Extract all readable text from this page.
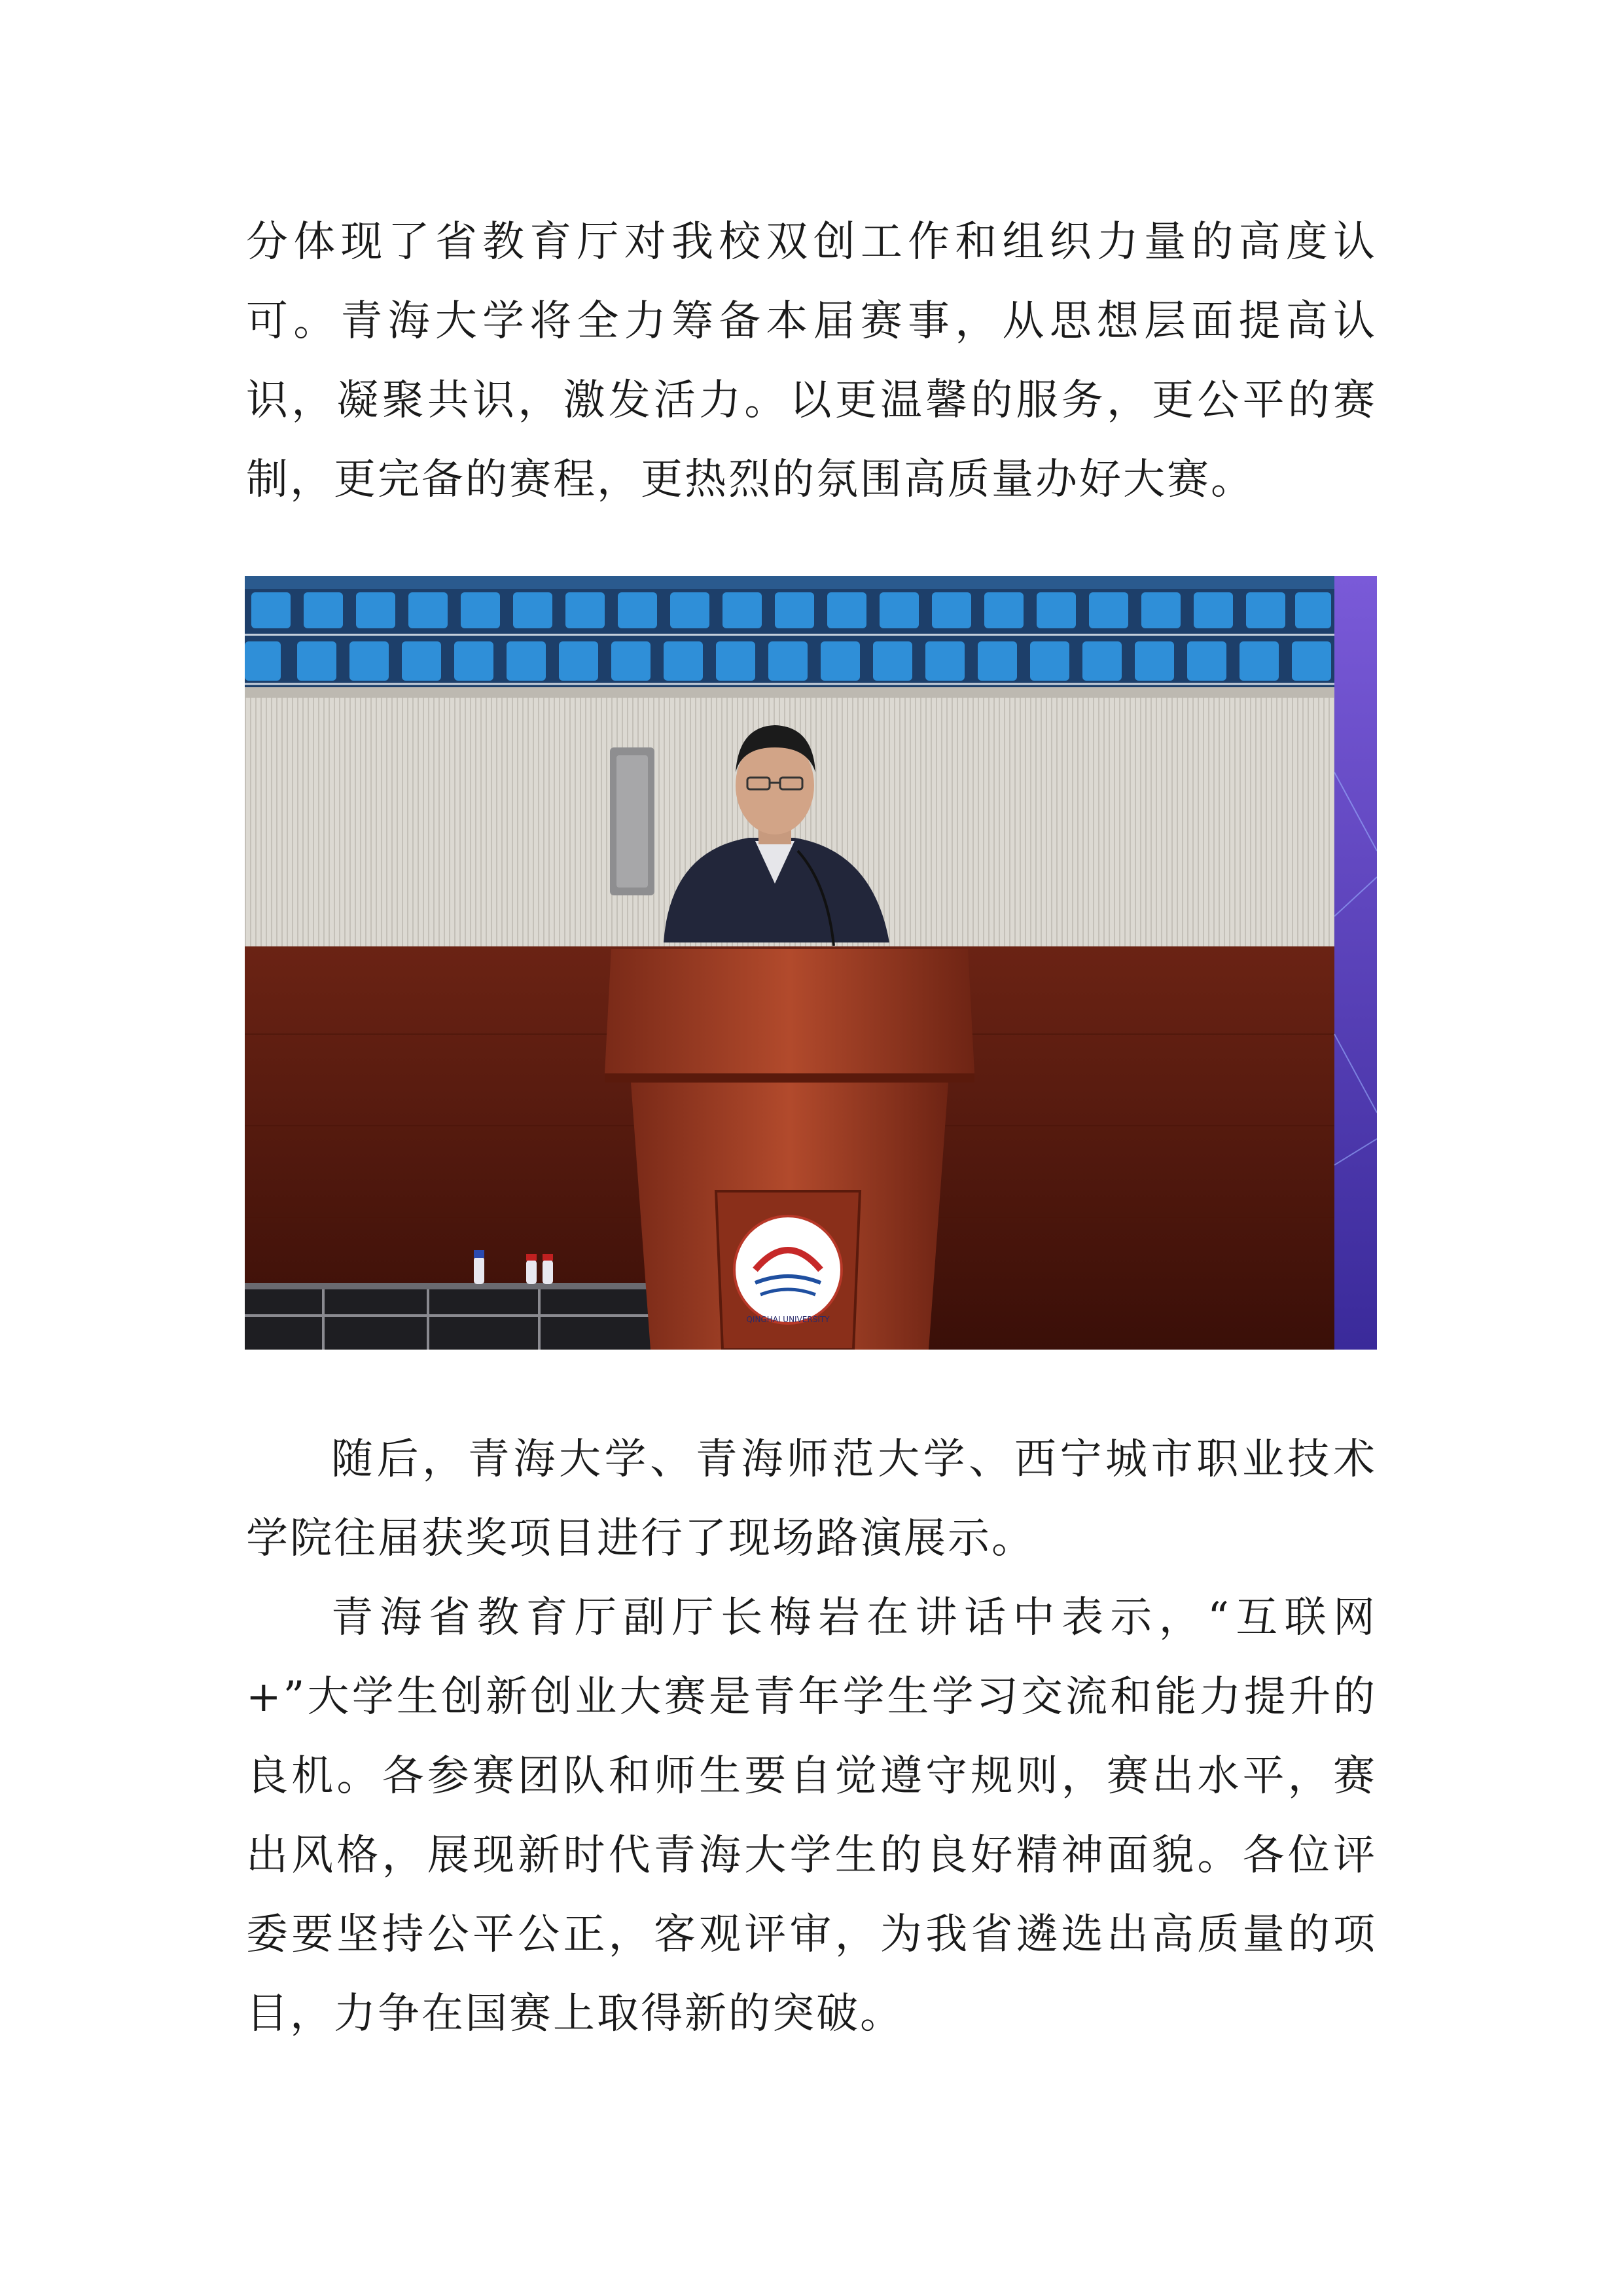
分体现了省教育厅对我校双创工作和组织力量的高度认可。青海大学将全力筹备本届赛事，从思想层面提高认识，凝聚共识，激发活力。以更温馨的服务，更公平的赛制，更完备的赛程，更热烈的氛围高质量办好大赛。

QINGHAI UNIVERSITY

随后，青海大学、青海师范大学、西宁城市职业技术学院往届获奖项目进行了现场路演展示。

青海省教育厅副厅长梅岩在讲话中表示，“互联网+”大学生创新创业大赛是青年学生学习交流和能力提升的良机。各参赛团队和师生要自觉遵守规则，赛出水平，赛出风格，展现新时代青海大学生的良好精神面貌。各位评委要坚持公平公正，客观评审，为我省遴选出高质量的项目，力争在国赛上取得新的突破。
